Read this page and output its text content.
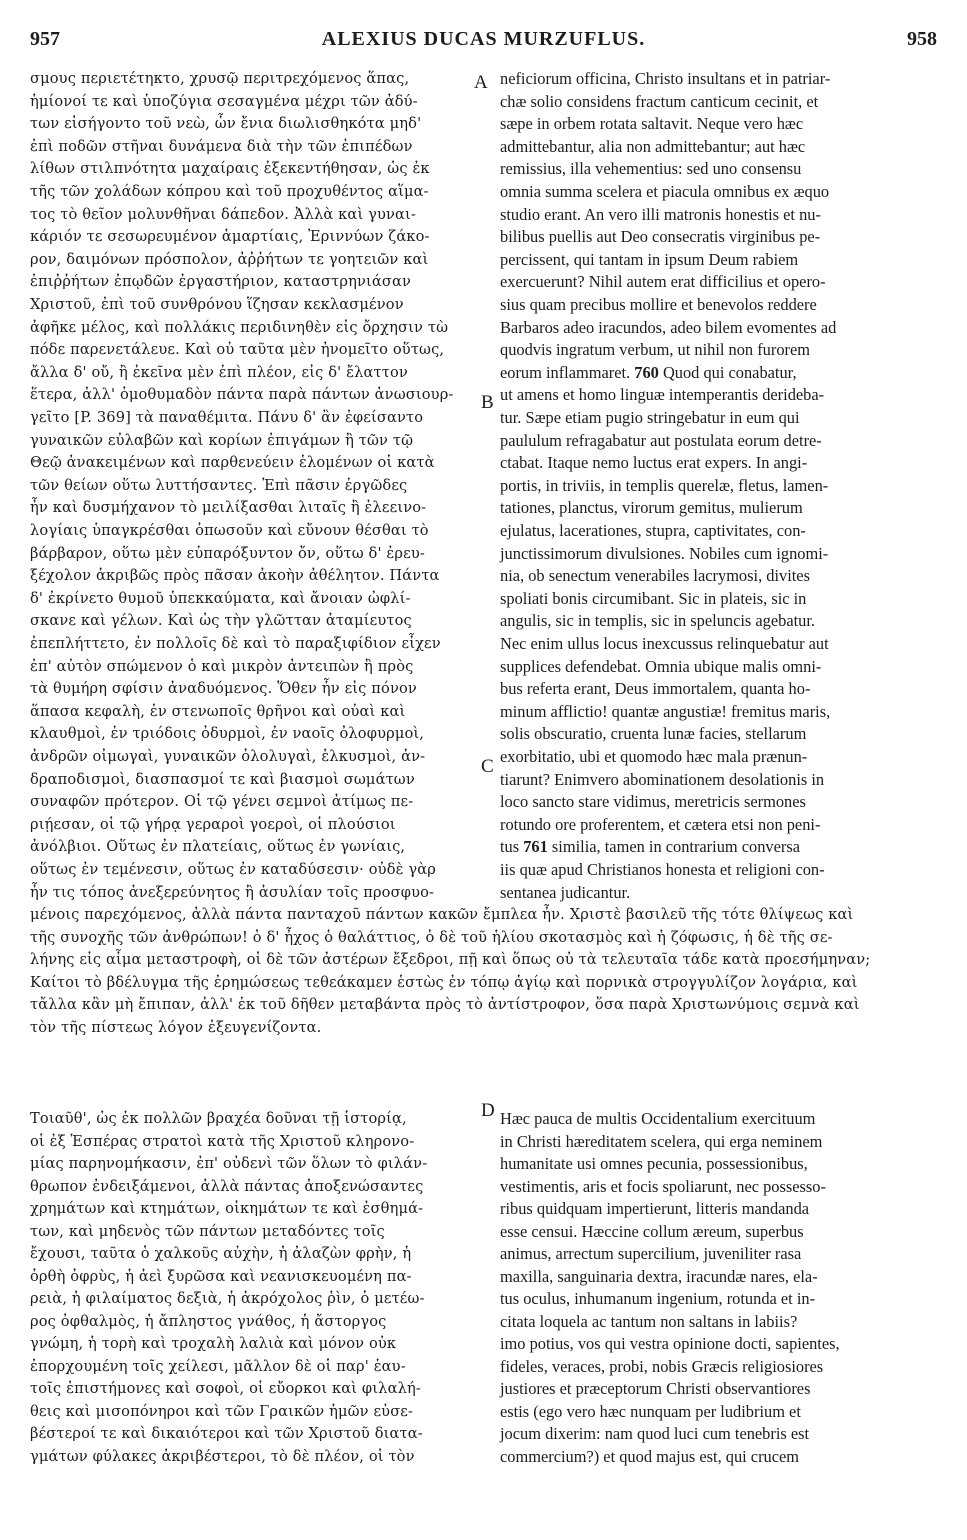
957	ALEXIUS DUCAS MURZUFLUS.	958
σμους περιετέτηκτο, χρυσῷ περιτρεχόμενος ἅπας,
ἡμίονοί τε καὶ ὑποζύγια σεσαγμένα μέχρι τῶν ἀδύ-
των εἰσήγοντο τοῦ νεὼ, ὧν ἔνια διωλισθηκότα μηδ'
ἐπὶ ποδῶν στῆναι δυνάμενα διὰ τὴν τῶν ἐπιπέδων
λίθων στιλπνότητα μαχαίραις ἐξεκεντήθησαν, ὡς ἐκ
τῆς τῶν χολάδων κόπρου καὶ τοῦ προχυθέντος αἵμα-
τος τὸ θεῖον μολυνθῆναι δάπεδον. Ἀλλὰ καὶ γυναι-
κάριόν τε σεσωρευμένον ἁμαρτίαις, Ἐριννύων ζάκο-
ρον, δαιμόνων πρόσπολον, ἀῤῥήτων τε γοητειῶν καὶ
ἐπιῤῥήτων ἐπῳδῶν ἐργαστήριον, καταστρηνιάσαν
Χριστοῦ, ἐπὶ τοῦ συνθρόνου ἵζησαν κεκλασμένον
ἀφῆκε μέλος, καὶ πολλάκις περιδινηθὲν εἰς ὄρχησιν τὼ
πόδε παρενετάλευε. Καὶ οὐ ταῦτα μὲν ἠνομεῖτο οὕτως,
ἄλλα δ' οὔ, ἢ ἐκεῖνα μὲν ἐπὶ πλέον, εἰς δ' ἔλαττον
ἕτερα, ἀλλ' ὁμοθυμαδὸν πάντα παρὰ πάντων ἀνωσιουρ-
γεῖτο [P. 369] τὰ παναθέμιτα. Πάνυ δ' ἂν ἐφείσαντο
γυναικῶν εὐλαβῶν καὶ κορίων ἐπιγάμων ἢ τῶν τῷ
Θεῷ ἀνακειμένων καὶ παρθενεύειν ἑλομένων οἱ κατὰ
τῶν θείων οὕτω λυττήσαντες. Ἐπὶ πᾶσιν ἐργῶδες
ἦν καὶ δυσμήχανον τὸ μειλίξασθαι λιταῖς ἢ ἐλεεινο-
λογίαις ὑπαγκρέσθαι ὁπωσοῦν καὶ εὔνουν θέσθαι τὸ
βάρβαρον, οὕτω μὲν εὐπαρόξυντον ὄν, οὕτω δ' ἐρευ-
ξέχολον ἀκριβῶς πρὸς πᾶσαν ἀκοὴν ἀθέλητον. Πάντα
δ' ἐκρίνετο θυμοῦ ὑπεκκαύματα, καὶ ἄνοιαν ὠφλί-
σκανε καὶ γέλων. Καὶ ὡς τὴν γλῶτταν ἀταμίευτος
ἐπεπλήττετο, ἐν πολλοῖς δὲ καὶ τὸ παραξιφίδιον εἶχεν
ἐπ' αὐτὸν σπώμενον ὁ καὶ μικρὸν ἀντειπὼν ἢ πρὸς
τὰ θυμήρη σφίσιν ἀναδυόμενος. Ὅθεν ἦν εἰς πόνον
ἅπασα κεφαλὴ, ἐν στενωποῖς θρῆνοι καὶ οὐαὶ καὶ
κλαυθμοὶ, ἐν τριόδοις ὀδυρμοὶ, ἐν ναοῖς ὀλοφυρμοὶ,
ἀνδρῶν οἰμωγαὶ, γυναικῶν ὀλολυγαὶ, ἑλκυσμοὶ, ἀν-
δραποδισμοὶ, διασπασμοί τε καὶ βιασμοὶ σωμάτων
συναφῶν πρότερον. Οἱ τῷ γένει σεμνοὶ ἀτίμως πε-
ριῄεσαν, οἱ τῷ γήρᾳ γεραροὶ γοεροὶ, οἱ πλούσιοι
ἀνόλβιοι. Οὕτως ἐν πλατείαις, οὕτως ἐν γωνίαις,
οὕτως ἐν τεμένεσιν, οὕτως ἐν καταδύσεσιν· οὐδὲ γὰρ
ἦν τις τόπος ἀνεξερεύνητος ἢ ἀσυλίαν τοῖς προσφυο-
neficiorum officina, Christo insultans et in patriar-
chæ solio considens fractum canticum cecinit, et
sæpe in orbem rotata saltavit. Neque vero hæc
admittebantur, alia non admittebantur; aut hæc
remissius, illa vehementius: sed uno consensu
omnia summa scelera et piacula omnibus ex æquo
studio erant. An vero illi matronis honestis et nu-
bilibus puellis aut Deo consecratis virginibus pe-
percissent, qui tantam in ipsum Deum rabiem
exercuerunt? Nihil autem erat difficilius et opero-
sius quam precibus mollire et benevolos reddere
Barbaros adeo iracundos, adeo bilem evomentes ad
quodvis ingratum verbum, ut nihil non furorem
eorum inflammaret. 760 Quod qui conabatur,
ut amens et homo linguæ intemperantis derideba-
tur. Sæpe etiam pugio stringebatur in eum qui
paululum refragabatur aut postulata eorum detre-
ctabat. Itaque nemo luctus erat expers. In angi-
portis, in triviis, in templis querelæ, fletus, lamen-
tationes, planctus, virorum gemitus, mulierum
ejulatus, lacerationes, stupra, captivitates, con-
junctissimorum divulsiones. Nobiles cum ignomi-
nia, ob senectum venerabiles lacrymosi, divites
spoliati bonis circumibant. Sic in plateis, sic in
angulis, sic in templis, sic in speluncis agebatur.
Nec enim ullus locus inexcussus relinquebatur aut
supplices defendebat. Omnia ubique malis omni-
bus referta erant, Deus immortalem, quanta ho-
minum afflictio! quantæ angustiæ! fremitus maris,
solis obscuratio, cruenta lunæ facies, stellarum
exorbitatio, ubi et quomodo hæc mala prænun-
tiarunt? Enimvero abominationem desolationis in
loco sancto stare vidimus, meretricis sermones
rotundo ore proferentem, et cætera etsi non peni-
tus 761 similia, tamen in contrarium conversa
iis quæ apud Christianos honesta et religioni con-
sentanea judicantur.
μένοις παρεχόμενος, ἀλλὰ πάντα πανταχοῦ πάντων κακῶν ἔμπλεα ἦν. Χριστὲ βασιλεῦ τῆς τότε θλίψεως καὶ
τῆς συνοχῆς τῶν ἀνθρώπων! ὁ δ' ἦχος ὁ θαλάττιος, ὁ δὲ τοῦ ἡλίου σκοτασμὸς καὶ ἡ ζόφωσις, ἡ δὲ τῆς σε-
λήνης εἰς αἷμα μεταστροφὴ, οἱ δὲ τῶν ἀστέρων ἔξεδροι, πῇ καὶ ὅπως οὐ τὰ τελευταῖα τάδε κατὰ προεσήμηναν;
Καίτοι τὸ βδέλυγμα τῆς ἐρημώσεως τεθεάκαμεν ἑστὼς ἐν τόπῳ ἁγίῳ καὶ πορνικὰ στρογγυλίζον λογάρια, καὶ
τἄλλα κἂν μὴ ἔπιπαν, ἀλλ' ἐκ τοῦ δῆθεν μεταβάντα πρὸς τὸ ἀντίστροφον, ὅσα παρὰ Χριστωνύμοις σεμνὰ καὶ
τὸν τῆς πίστεως λόγον ἐξευγενίζοντα.
Τοιαῦθ', ὡς ἐκ πολλῶν βραχέα δοῦναι τῇ ἱστορίᾳ,
οἱ ἐξ Ἑσπέρας στρατοὶ κατὰ τῆς Χριστοῦ κληρονο-
μίας παρηνομήκασιν, ἐπ' οὐδενὶ τῶν ὅλων τὸ φιλάν-
θρωπον ἐνδειξάμενοι, ἀλλὰ πάντας ἀποξενώσαντες
χρημάτων καὶ κτημάτων, οἰκημάτων τε καὶ ἐσθημά-
των, καὶ μηδενὸς τῶν πάντων μεταδόντες τοῖς
ἔχουσι, ταῦτα ὁ χαλκοῦς αὐχὴν, ἡ ἀλαζὼν φρὴν, ἡ
ὀρθὴ ὀφρὺς, ἡ ἀεὶ ξυρῶσα καὶ νεανισκευομένη πα-
ρειὰ, ἡ φιλαίματος δεξιὰ, ἡ ἀκρόχολος ῥὶν, ὁ μετέω-
ρος ὀφθαλμὸς, ἡ ἄπληστος γνάθος, ἡ ἄστοργος
γνώμη, ἡ τορὴ καὶ τροχαλὴ λαλιὰ καὶ μόνον οὐκ
ἐπορχουμένη τοῖς χείλεσι, μᾶλλον δὲ οἱ παρ' ἑαυ-
τοῖς ἐπιστήμονες καὶ σοφοὶ, οἱ εὔορκοι καὶ φιλαλή-
θεις καὶ μισοπόνηροι καὶ τῶν Γραικῶν ἡμῶν εὐσε-
βέστεροί τε καὶ δικαιότεροι καὶ τῶν Χριστοῦ διατα-
γμάτων φύλακες ἀκριβέστεροι, τὸ δὲ πλέον, οἱ τὸν
Hæc pauca de multis Occidentalium exercituum
in Christi hæreditatem scelera, qui erga neminem
humanitate usi omnes pecunia, possessionibus,
vestimentis, aris et focis spoliarunt, nec possesso-
ribus quidquam impertierunt, litteris mandanda
esse censui. Hæccine collum æreum, superbus
animus, arrectum supercilium, juveniliter rasa
maxilla, sanguinaria dextra, iracundæ nares, ela-
tus oculus, inhumanum ingenium, rotunda et in-
citata loquela ac tantum non saltans in labiis?
imo potius, vos qui vestra opinione docti, sapientes,
fideles, veraces, probi, nobis Græcis religiosiores
justiores et præceptorum Christi observantiores
estis (ego vero hæc nunquam per ludibrium et
jocum dixerim: nam quod luci cum tenebris est
commercium?) et quod majus est, qui crucem
A
B
C
D
